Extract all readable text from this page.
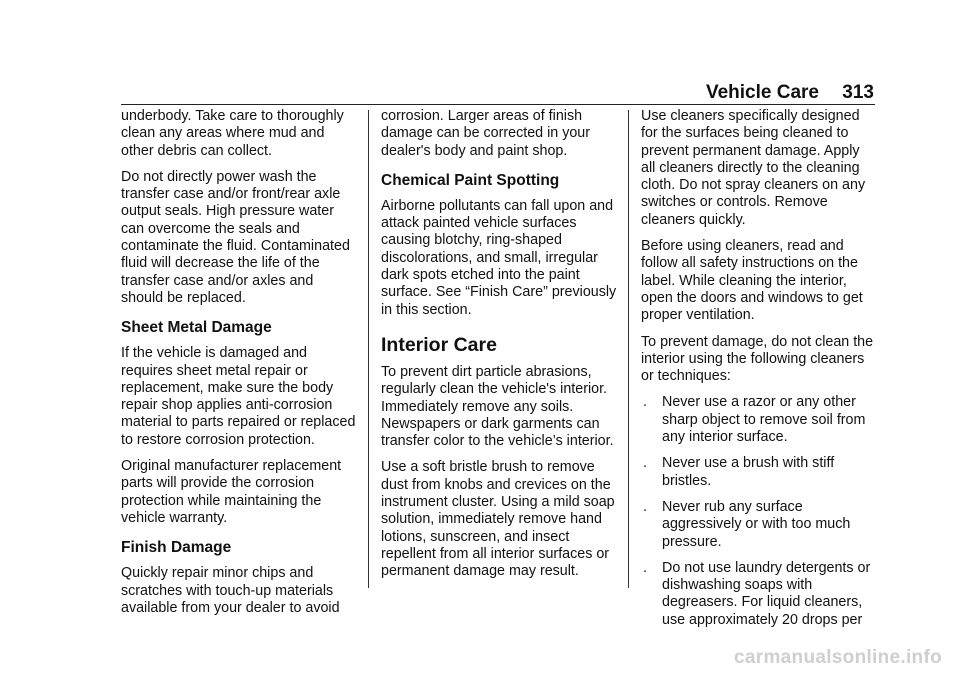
Vehicle Care 313

underbody. Take care to thoroughly clean any areas where mud and other debris can collect.

Do not directly power wash the transfer case and/or front/rear axle output seals. High pressure water can overcome the seals and contaminate the fluid. Contaminated fluid will decrease the life of the transfer case and/or axles and should be replaced.

Sheet Metal Damage

If the vehicle is damaged and requires sheet metal repair or replacement, make sure the body repair shop applies anti-corrosion material to parts repaired or replaced to restore corrosion protection.

Original manufacturer replacement parts will provide the corrosion protection while maintaining the vehicle warranty.

Finish Damage

Quickly repair minor chips and scratches with touch-up materials available from your dealer to avoid

corrosion. Larger areas of finish damage can be corrected in your dealer's body and paint shop.

Chemical Paint Spotting

Airborne pollutants can fall upon and attack painted vehicle surfaces causing blotchy, ring-shaped discolorations, and small, irregular dark spots etched into the paint surface. See “Finish Care” previously in this section.

Interior Care

To prevent dirt particle abrasions, regularly clean the vehicle's interior. Immediately remove any soils. Newspapers or dark garments can transfer color to the vehicle’s interior.

Use a soft bristle brush to remove dust from knobs and crevices on the instrument cluster. Using a mild soap solution, immediately remove hand lotions, sunscreen, and insect repellent from all interior surfaces or permanent damage may result.

Use cleaners specifically designed for the surfaces being cleaned to prevent permanent damage. Apply all cleaners directly to the cleaning cloth. Do not spray cleaners on any switches or controls. Remove cleaners quickly.

Before using cleaners, read and follow all safety instructions on the label. While cleaning the interior, open the doors and windows to get proper ventilation.

To prevent damage, do not clean the interior using the following cleaners or techniques:

. Never use a razor or any other sharp object to remove soil from any interior surface.
. Never use a brush with stiff bristles.
. Never rub any surface aggressively or with too much pressure.
. Do not use laundry detergents or dishwashing soaps with degreasers. For liquid cleaners, use approximately 20 drops per
carmanualsonline.info
